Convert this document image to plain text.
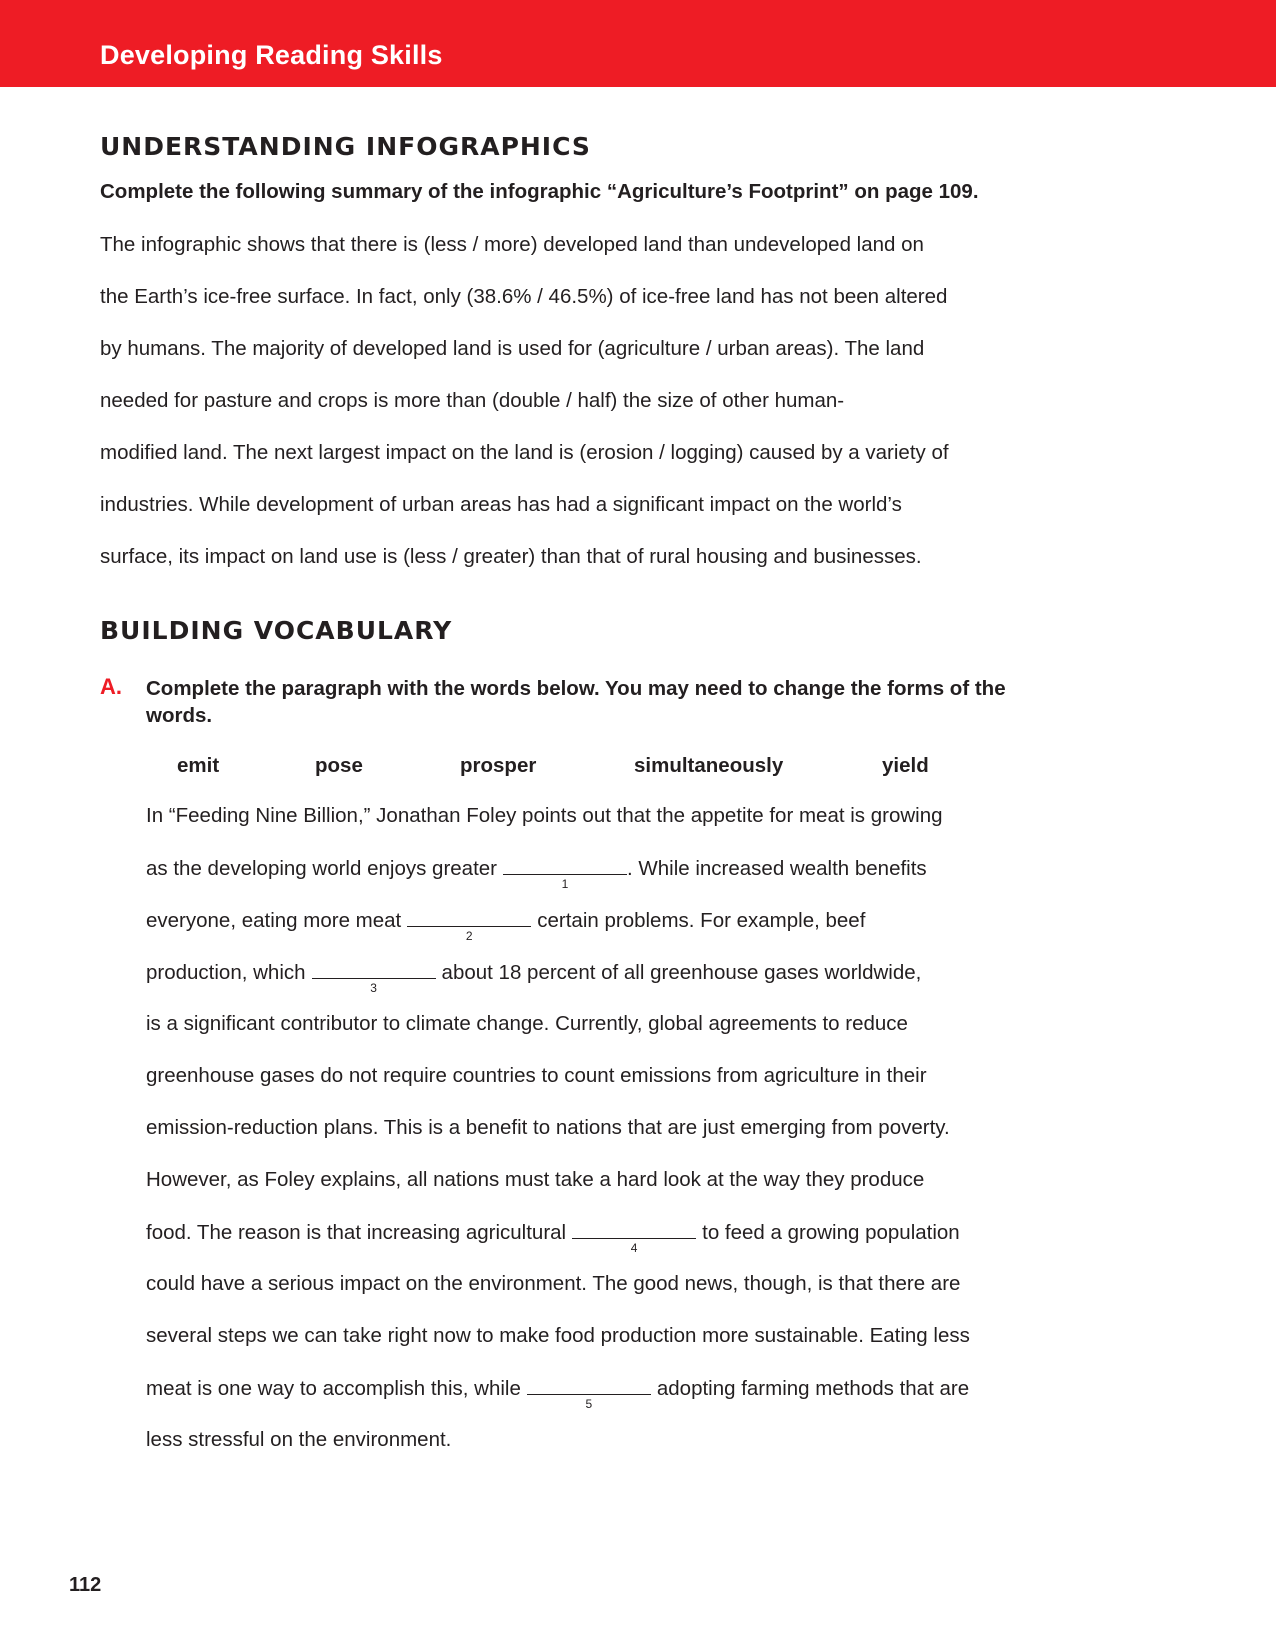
Developing Reading Skills
UNDERSTANDING INFOGRAPHICS
Complete the following summary of the infographic “Agriculture’s Footprint” on page 109.
The infographic shows that there is (less / more) developed land than undeveloped land on
the Earth’s ice-free surface. In fact, only (38.6% / 46.5%) of ice-free land has not been altered
by humans. The majority of developed land is used for (agriculture / urban areas). The land
needed for pasture and crops is more than (double / half) the size of other human-
modified land. The next largest impact on the land is (erosion / logging) caused by a variety of
industries. While development of urban areas has had a significant impact on the world’s
surface, its impact on land use is (less / greater) than that of rural housing and businesses.
BUILDING VOCABULARY
A. Complete the paragraph with the words below. You may need to change the forms of the words.
emit	pose	prosper	simultaneously	yield
In “Feeding Nine Billion,” Jonathan Foley points out that the appetite for meat is growing
as the developing world enjoys greater
1
. While increased wealth benefits
everyone, eating more meat
2
certain problems. For example, beef
production, which
3
about 18 percent of all greenhouse gases worldwide,
is a significant contributor to climate change. Currently, global agreements to reduce
greenhouse gases do not require countries to count emissions from agriculture in their
emission-reduction plans. This is a benefit to nations that are just emerging from poverty.
However, as Foley explains, all nations must take a hard look at the way they produce
food. The reason is that increasing agricultural
4
to feed a growing population
could have a serious impact on the environment. The good news, though, is that there are
several steps we can take right now to make food production more sustainable. Eating less
meat is one way to accomplish this, while
5
adopting farming methods that are
less stressful on the environment.
112
